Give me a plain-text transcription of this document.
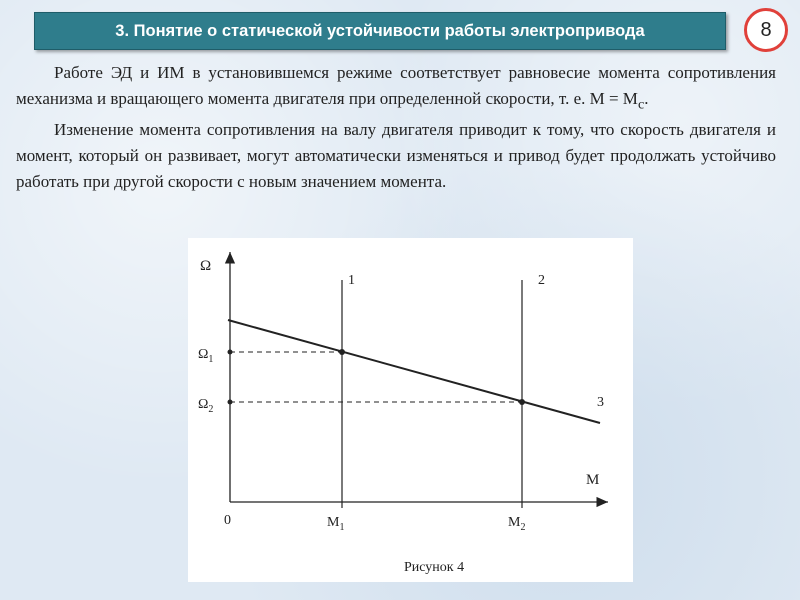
3. Понятие о статической устойчивости работы электропривода	8

Работе ЭД и ИМ в установившемся режиме соответствует равновесие момента сопротивления механизма и вращающего момента двигателя при определенной скорости, т. е. $М = М_с$.

Изменение момента сопротивления на валу двигателя приводит к тому, что скорость двигателя и момент, который он развивает, могут автоматически изменяться и привод будет продолжать устойчиво работать при другой скорости с новым значением момента.

Ω
M
0
$\Omega_1$
$\Omega_2$
$M_1$	$M_2$
1	2
3
Рисунок 4
